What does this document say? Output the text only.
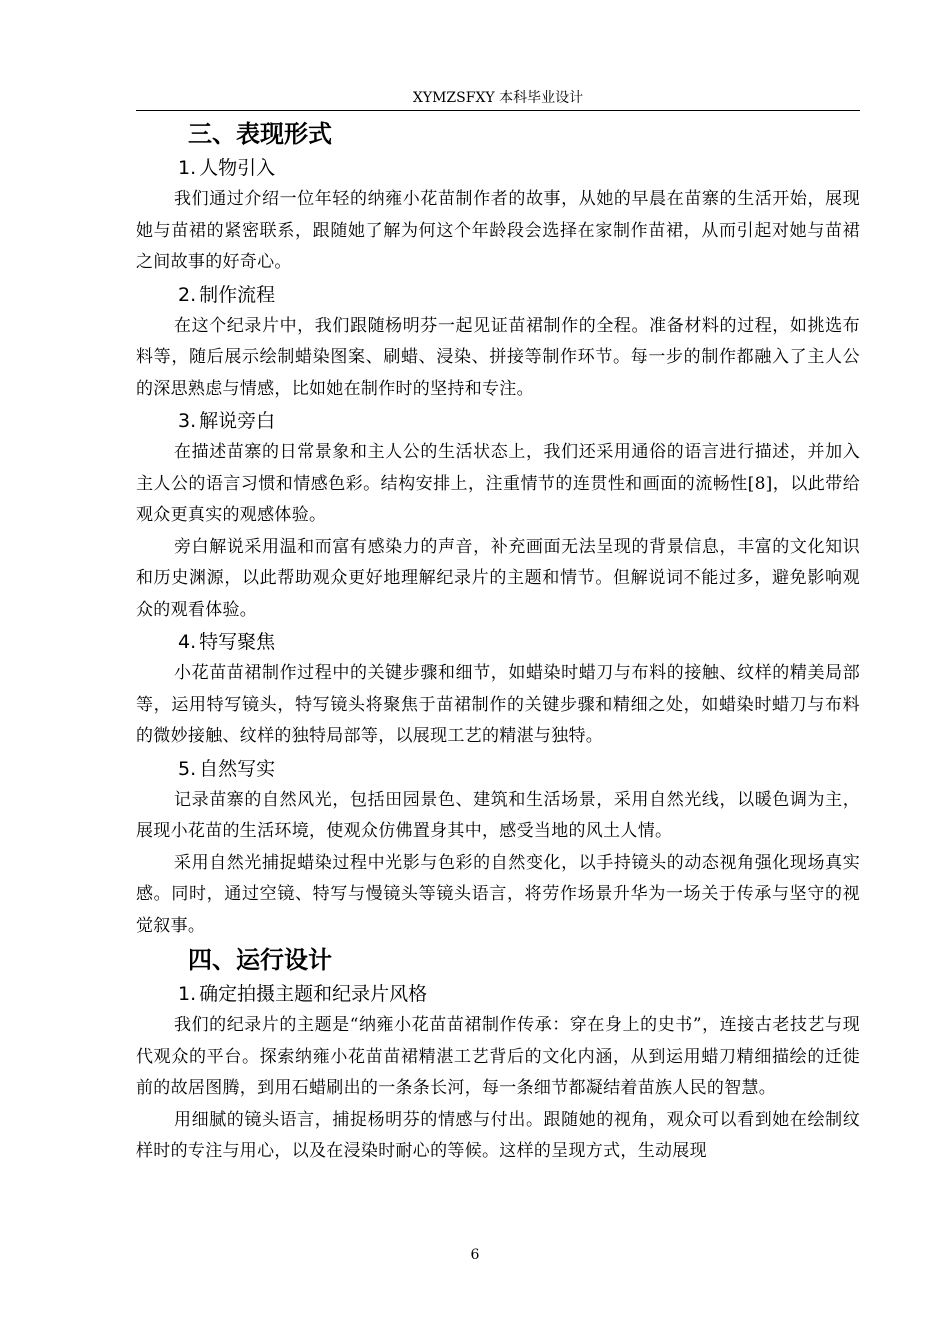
XYMZSFXY 本科毕业设计
三、表现形式
1. 人物引入

我们通过介绍一位年轻的纳雍小花苗制作者的故事，从她的早晨在苗寨的生活开始，展现她与苗裙的紧密联系，跟随她了解为何这个年龄段会选择在家制作苗裙，从而引起对她与苗裙之间故事的好奇心。

2. 制作流程

在这个纪录片中，我们跟随杨明芬一起见证苗裙制作的全程。准备材料的过程，如挑选布料等，随后展示绘制蜡染图案、刷蜡、浸染、拼接等制作环节。每一步的制作都融入了主人公的深思熟虑与情感，比如她在制作时的坚持和专注。

3. 解说旁白

在描述苗寨的日常景象和主人公的生活状态上，我们还采用通俗的语言进行描述，并加入主人公的语言习惯和情感色彩。结构安排上，注重情节的连贯性和画面的流畅性[8]，以此带给观众更真实的观感体验。

旁白解说采用温和而富有感染力的声音，补充画面无法呈现的背景信息，丰富的文化知识和历史渊源，以此帮助观众更好地理解纪录片的主题和情节。但解说词不能过多，避免影响观众的观看体验。

4. 特写聚焦

小花苗苗裙制作过程中的关键步骤和细节，如蜡染时蜡刀与布料的接触、纹样的精美局部等，运用特写镜头，特写镜头将聚焦于苗裙制作的关键步骤和精细之处，如蜡染时蜡刀与布料的微妙接触、纹样的独特局部等，以展现工艺的精湛与独特。

5. 自然写实

记录苗寨的自然风光，包括田园景色、建筑和生活场景，采用自然光线，以暖色调为主，展现小花苗的生活环境，使观众仿佛置身其中，感受当地的风土人情。

采用自然光捕捉蜡染过程中光影与色彩的自然变化，以手持镜头的动态视角强化现场真实感。同时，通过空镜、特写与慢镜头等镜头语言，将劳作场景升华为一场关于传承与坚守的视觉叙事。

四、运行设计
1. 确定拍摄主题和纪录片风格

我们的纪录片的主题是“纳雍小花苗苗裙制作传承：穿在身上的史书”，连接古老技艺与现代观众的平台。探索纳雍小花苗苗裙精湛工艺背后的文化内涵，从到运用蜡刀精细描绘的迁徙前的故居图腾，到用石蜡刷出的一条条长河，每一条细节都凝结着苗族人民的智慧。

用细腻的镜头语言，捕捉杨明芬的情感与付出。跟随她的视角，观众可以看到她在绘制纹样时的专注与用心，以及在浸染时耐心的等候。这样的呈现方式，生动展现

6
